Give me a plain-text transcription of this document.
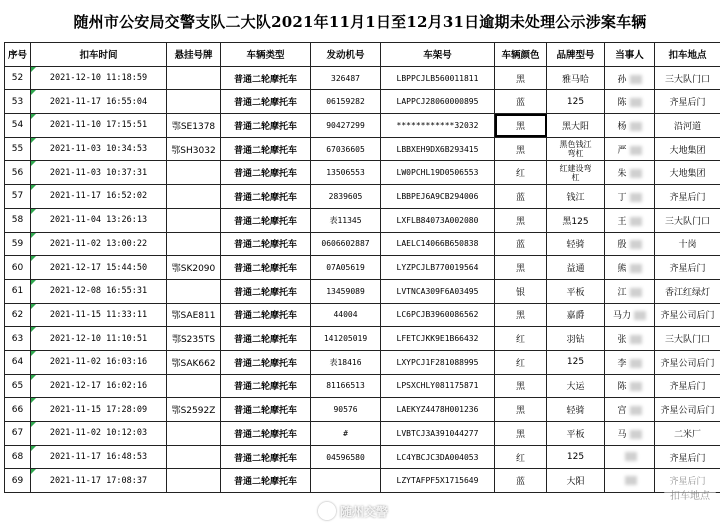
随州市公安局交警支队二大队2021年11月1日至12月31日逾期未处理公示涉案车辆
序号	扣车时间	悬挂号牌	车辆类型	发动机号	车架号	车辆颜色	品牌型号	当事人	扣车地点
52	2021-12-10 11:18:59		普通二轮摩托车	326487	LBPPCJLB560011811	黑	雅马哈	孙	三大队门口
53	2021-11-17 16:55:04		普通二轮摩托车	06159282	LAPPCJ28060000895	蓝	125	陈	齐星后门
54	2021-11-10 17:15:51	鄂SE1378	普通二轮摩托车	90427299	************32032	黑	黑大阳	杨	沿河道
55	2021-11-03 10:34:53	鄂SH3032	普通二轮摩托车	67036605	LBBXEH9DX6B293415	黑	黑色钱江
弯杠	严	大地集团
56	2021-11-03 10:37:31		普通二轮摩托车	13506553	LW0PCHL19D0506553	红	红建设弯
杠	朱	大地集团
57	2021-11-17 16:52:02		普通二轮摩托车	2839605	LBBPEJ6A9CB294006	蓝	钱江	丁	齐星后门
58	2021-11-04 13:26:13		普通二轮摩托车	表11345	LXFLB84073A002080	黑	黑125	王	三大队门口
59	2021-11-02 13:00:22		普通二轮摩托车	0606602887	LAELC14066B650838	蓝	轻骑	殷	十岗
60	2021-12-17 15:44:50	鄂SK2090	普通二轮摩托车	07A05619	LYZPCJLB770019564	黑	益通	熊	齐星后门
61	2021-12-08 16:55:31		普通二轮摩托车	13459089	LVTNCA309F6A03495	银	平板	江	香江红绿灯
62	2021-11-15 11:33:11	鄂SAE811	普通二轮摩托车	44004	LC6PCJB3960086562	黑	嘉爵	马力	齐星公司后门
63	2021-12-10 11:10:51	鄂S235TS	普通二轮摩托车	141205019	LFETCJKK9E1B66432	红	羽钻	张	三大队门口
64	2021-11-02 16:03:16	鄂SAK662	普通二轮摩托车	表18416	LXYPCJ1F281088995	红	125	李	齐星公司后门
65	2021-12-17 16:02:16		普通二轮摩托车	81166513	LPSXCHLY081175871	黑	大运	陈	齐星后门
66	2021-11-15 17:28:09	鄂S2592Z	普通二轮摩托车	90576	LAEKYZ4478H001236	黑	轻骑	宫	齐星公司后门
67	2021-11-02 10:12:03		普通二轮摩托车	#	LVBTCJ3A391044277	黑	平板	马	二米厂
68	2021-11-17 16:48:53		普通二轮摩托车	04596580	LC4YBCJC3DA004053	红	125		齐星后门
69	2021-11-17 17:08:37		普通二轮摩托车		LZYTAFPF5X1715649	蓝	大阳		
随州交警
扣车地点
